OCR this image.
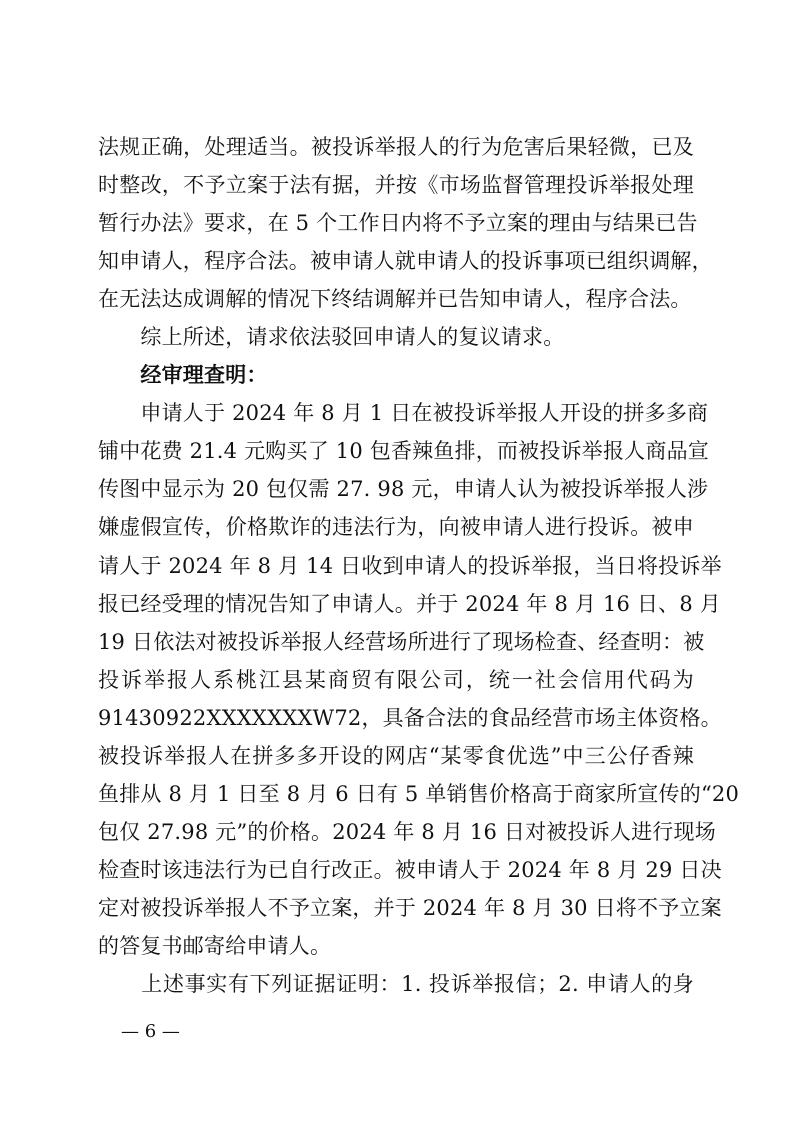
法规正确，处理适当。被投诉举报人的行为危害后果轻微，已及
时整改，不予立案于法有据，并按《市场监督管理投诉举报处理
暂行办法》要求，在 5 个工作日内将不予立案的理由与结果已告
知申请人，程序合法。被申请人就申请人的投诉事项已组织调解，
在无法达成调解的情况下终结调解并已告知申请人，程序合法。
　　综上所述，请求依法驳回申请人的复议请求。
　　经审理查明：
　　申请人于 2024 年 8 月 1 日在被投诉举报人开设的拼多多商
铺中花费 21.4 元购买了 10 包香辣鱼排，而被投诉举报人商品宣
传图中显示为 20 包仅需 27. 98 元，申请人认为被投诉举报人涉
嫌虚假宣传，价格欺诈的违法行为，向被申请人进行投诉。被申
请人于 2024 年 8 月 14 日收到申请人的投诉举报，当日将投诉举
报已经受理的情况告知了申请人。并于 2024 年 8 月 16 日、8 月
19 日依法对被投诉举报人经营场所进行了现场检查、经查明：被
投诉举报人系桃江县某商贸有限公司，统一社会信用代码为
91430922XXXXXXXW72，具备合法的食品经营市场主体资格。
被投诉举报人在拼多多开设的网店“某零食优选”中三公仔香辣
鱼排从 8 月 1 日至 8 月 6 日有 5 单销售价格高于商家所宣传的“20
包仅 27.98 元”的价格。2024 年 8 月 16 日对被投诉人进行现场
检查时该违法行为已自行改正。被申请人于 2024 年 8 月 29 日决
定对被投诉举报人不予立案，并于 2024 年 8 月 30 日将不予立案
的答复书邮寄给申请人。
　　上述事实有下列证据证明：1. 投诉举报信；2. 申请人的身
— 6 —
